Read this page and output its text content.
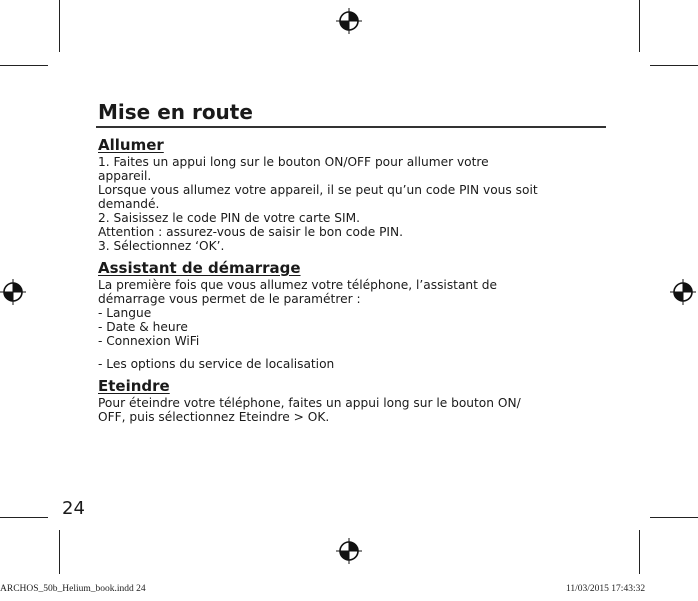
Mise en route

Allumer

1. Faites un appui long sur le bouton ON/OFF pour allumer votre

appareil.

Lorsque vous allumez votre appareil, il se peut qu’un code PIN vous soit

demandé.

2. Saisissez le code PIN de votre carte SIM.

Attention : assurez-vous de saisir le bon code PIN.

3. Sélectionnez ‘OK’.

Assistant de démarrage

La première fois que vous allumez votre téléphone, l’assistant de

démarrage vous permet de le paramétrer :

- Langue

- Date & heure

- Connexion WiFi

- Les options du service de localisation

Eteindre

Pour éteindre votre téléphone, faites un appui long sur le bouton ON/

OFF, puis sélectionnez Eteindre > OK.

24
ARCHOS_50b_Helium_book.indd 24	11/03/2015 17:43:32
